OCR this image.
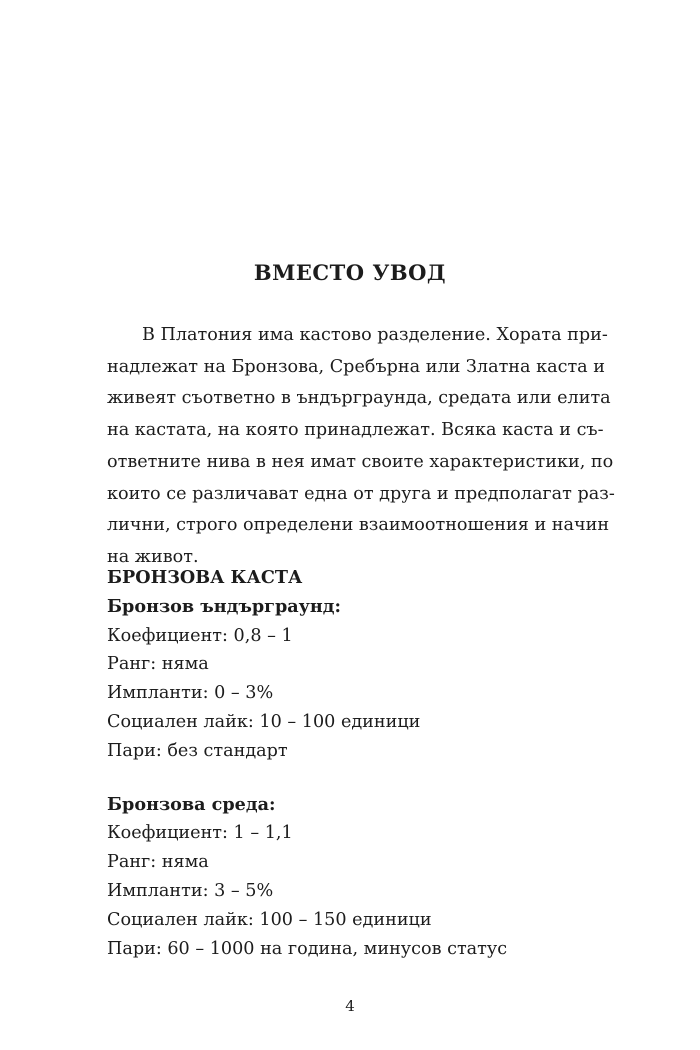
ВМЕСТО УВОД
В Платония има кастово разделение. Хората при-
надлежат на Бронзова, Сребърна или Златна каста и
живеят съответно в ъндърграунда, средата или елита
на кастата, на която принадлежат. Всяка каста и съ-
ответните нива в нея имат своите характеристики, по
които се различават една от друга и предполагат раз-
лични, строго определени взаимоотношения и начин
на живот.
БРОНЗОВА КАСТА
Бронзов ъндърграунд:
Коефициент: 0,8 – 1
Ранг: няма
Импланти: 0 – 3%
Социален лайк: 10 – 100 единици
Пари: без стандарт
Бронзова среда:
Коефициент: 1 – 1,1
Ранг: няма
Импланти: 3 – 5%
Социален лайк: 100 – 150 единици
Пари: 60 – 1000 на година, минусов статус
4
